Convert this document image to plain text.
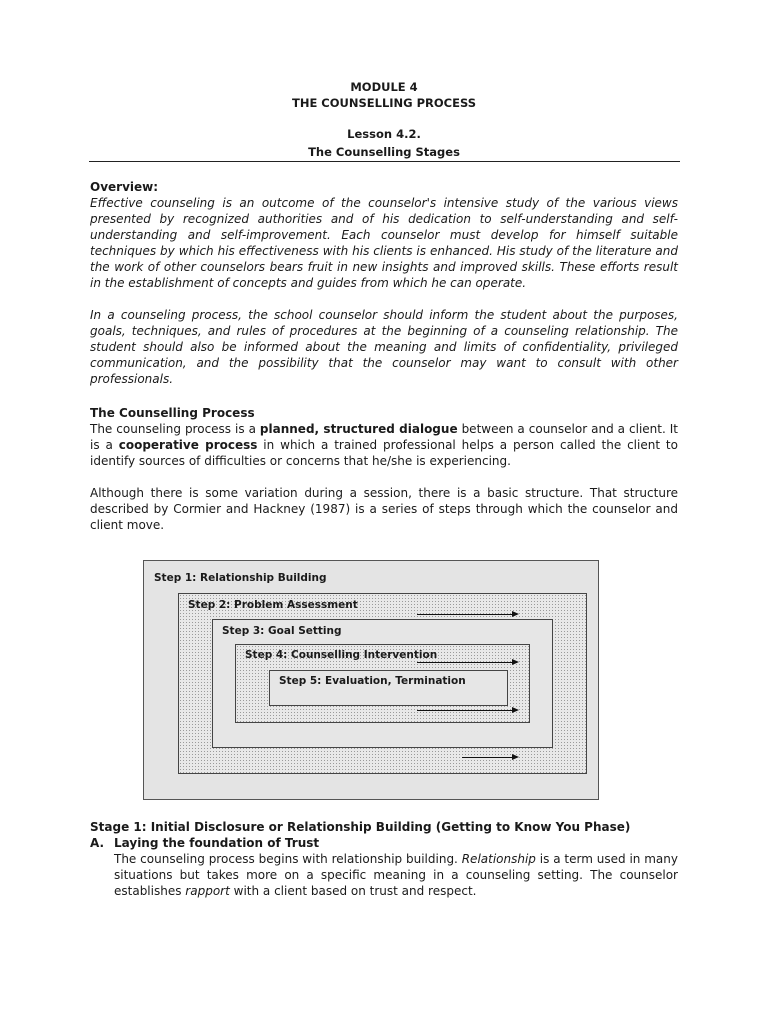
MODULE 4
THE COUNSELLING PROCESS
Lesson 4.2.
The Counselling Stages
Overview:
Effective counseling is an outcome of the counselor's intensive study of the various views presented by recognized authorities and of his dedication to self-understanding and self-understanding and self-improvement. Each counselor must develop for himself suitable techniques by which his effectiveness with his clients is enhanced. His study of the literature and the work of other counselors bears fruit in new insights and improved skills. These efforts result in the establishment of concepts and guides from which he can operate.
In a counseling process, the school counselor should inform the student about the purposes, goals, techniques, and rules of procedures at the beginning of a counseling relationship. The student should also be informed about the meaning and limits of confidentiality, privileged communication, and the possibility that the counselor may want to consult with other professionals.
The Counselling Process
The counseling process is a planned, structured dialogue between a counselor and a client. It is a cooperative process in which a trained professional helps a person called the client to identify sources of difficulties or concerns that he/she is experiencing.
Although there is some variation during a session, there is a basic structure. That structure described by Cormier and Hackney (1987) is a series of steps through which the counselor and client move.
Step 1: Relationship Building
Step 2: Problem Assessment
Step 3: Goal Setting
Step 4: Counselling Intervention
Step 5: Evaluation, Termination
Stage 1: Initial Disclosure or Relationship Building (Getting to Know You Phase)
A. Laying the foundation of Trust
The counseling process begins with relationship building. Relationship is a term used in many situations but takes more on a specific meaning in a counseling setting. The counselor establishes rapport with a client based on trust and respect.
